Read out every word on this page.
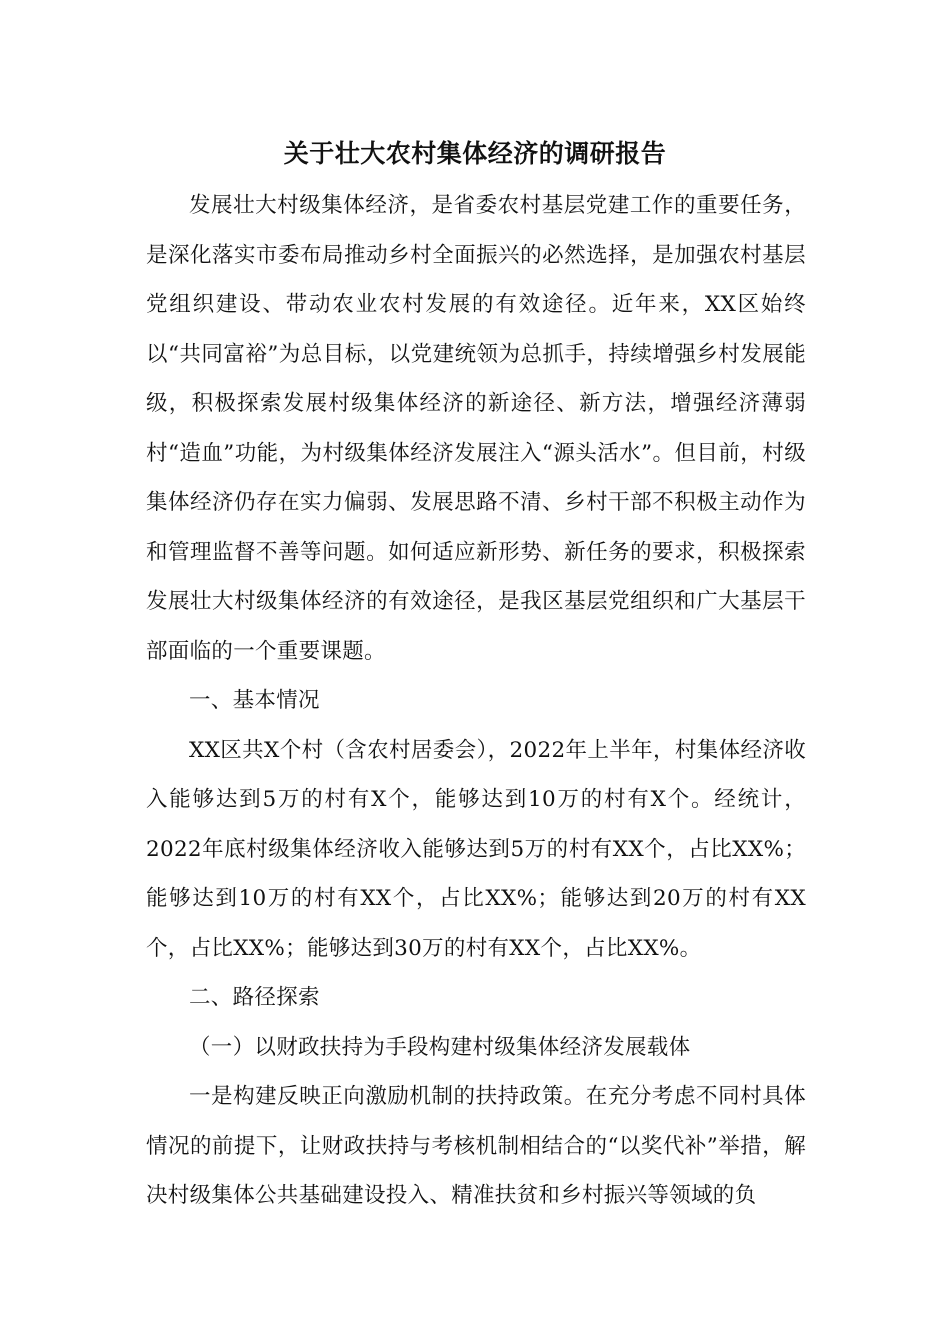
关于壮大农村集体经济的调研报告

发展壮大村级集体经济，是省委农村基层党建工作的重要任务，是深化落实市委布局推动乡村全面振兴的必然选择，是加强农村基层党组织建设、带动农业农村发展的有效途径。近年来，XX区始终以“共同富裕”为总目标，以党建统领为总抓手，持续增强乡村发展能级，积极探索发展村级集体经济的新途径、新方法，增强经济薄弱村“造血”功能，为村级集体经济发展注入“源头活水”。但目前，村级集体经济仍存在实力偏弱、发展思路不清、乡村干部不积极主动作为和管理监督不善等问题。如何适应新形势、新任务的要求，积极探索发展壮大村级集体经济的有效途径，是我区基层党组织和广大基层干部面临的一个重要课题。

一、基本情况

XX区共X个村（含农村居委会），2022年上半年，村集体经济收入能够达到5万的村有X个，能够达到10万的村有X个。经统计，2022年底村级集体经济收入能够达到5万的村有XX个，占比XX%；能够达到10万的村有XX个，占比XX%；能够达到20万的村有XX个，占比XX%；能够达到30万的村有XX个，占比XX%。

二、路径探索

（一）以财政扶持为手段构建村级集体经济发展载体

一是构建反映正向激励机制的扶持政策。在充分考虑不同村具体情况的前提下，让财政扶持与考核机制相结合的“以奖代补”举措，解决村级集体公共基础建设投入、精准扶贫和乡村振兴等领域的负
